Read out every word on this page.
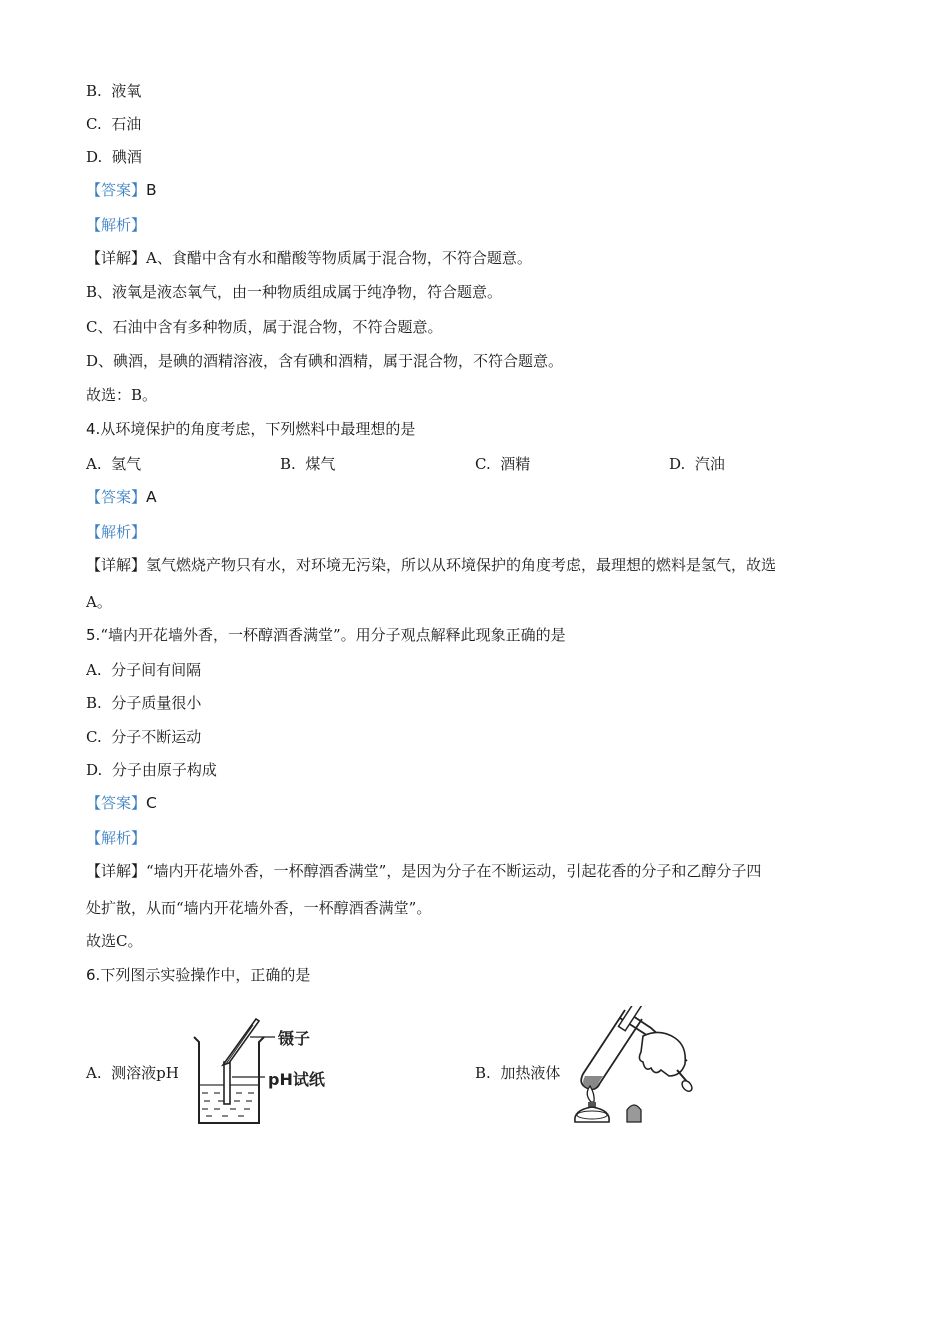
B. 液氧
C. 石油
D. 碘酒
【答案】B
【解析】
【详解】A、食醋中含有水和醋酸等物质属于混合物，不符合题意。
B、液氧是液态氧气，由一种物质组成属于纯净物，符合题意。
C、石油中含有多种物质，属于混合物，不符合题意。
D、碘酒，是碘的酒精溶液，含有碘和酒精，属于混合物，不符合题意。
故选：B。
4.从环境保护的角度考虑，下列燃料中最理想的是
A. 氢气	B. 煤气	C. 酒精	D. 汽油
【答案】A
【解析】
【详解】氢气燃烧产物只有水，对环境无污染，所以从环境保护的角度考虑，最理想的燃料是氢气，故选
A。
5.“墙内开花墙外香，一杯醇酒香满堂”。用分子观点解释此现象正确的是
A. 分子间有间隔
B. 分子质量很小
C. 分子不断运动
D. 分子由原子构成
【答案】C
【解析】
【详解】“墙内开花墙外香，一杯醇酒香满堂”，是因为分子在不断运动，引起花香的分子和乙醇分子四
处扩散，从而“墙内开花墙外香，一杯醇酒香满堂”。
故选C。
6.下列图示实验操作中，正确的是
A. 测溶液pH	B. 加热液体
镊子
pH试纸
